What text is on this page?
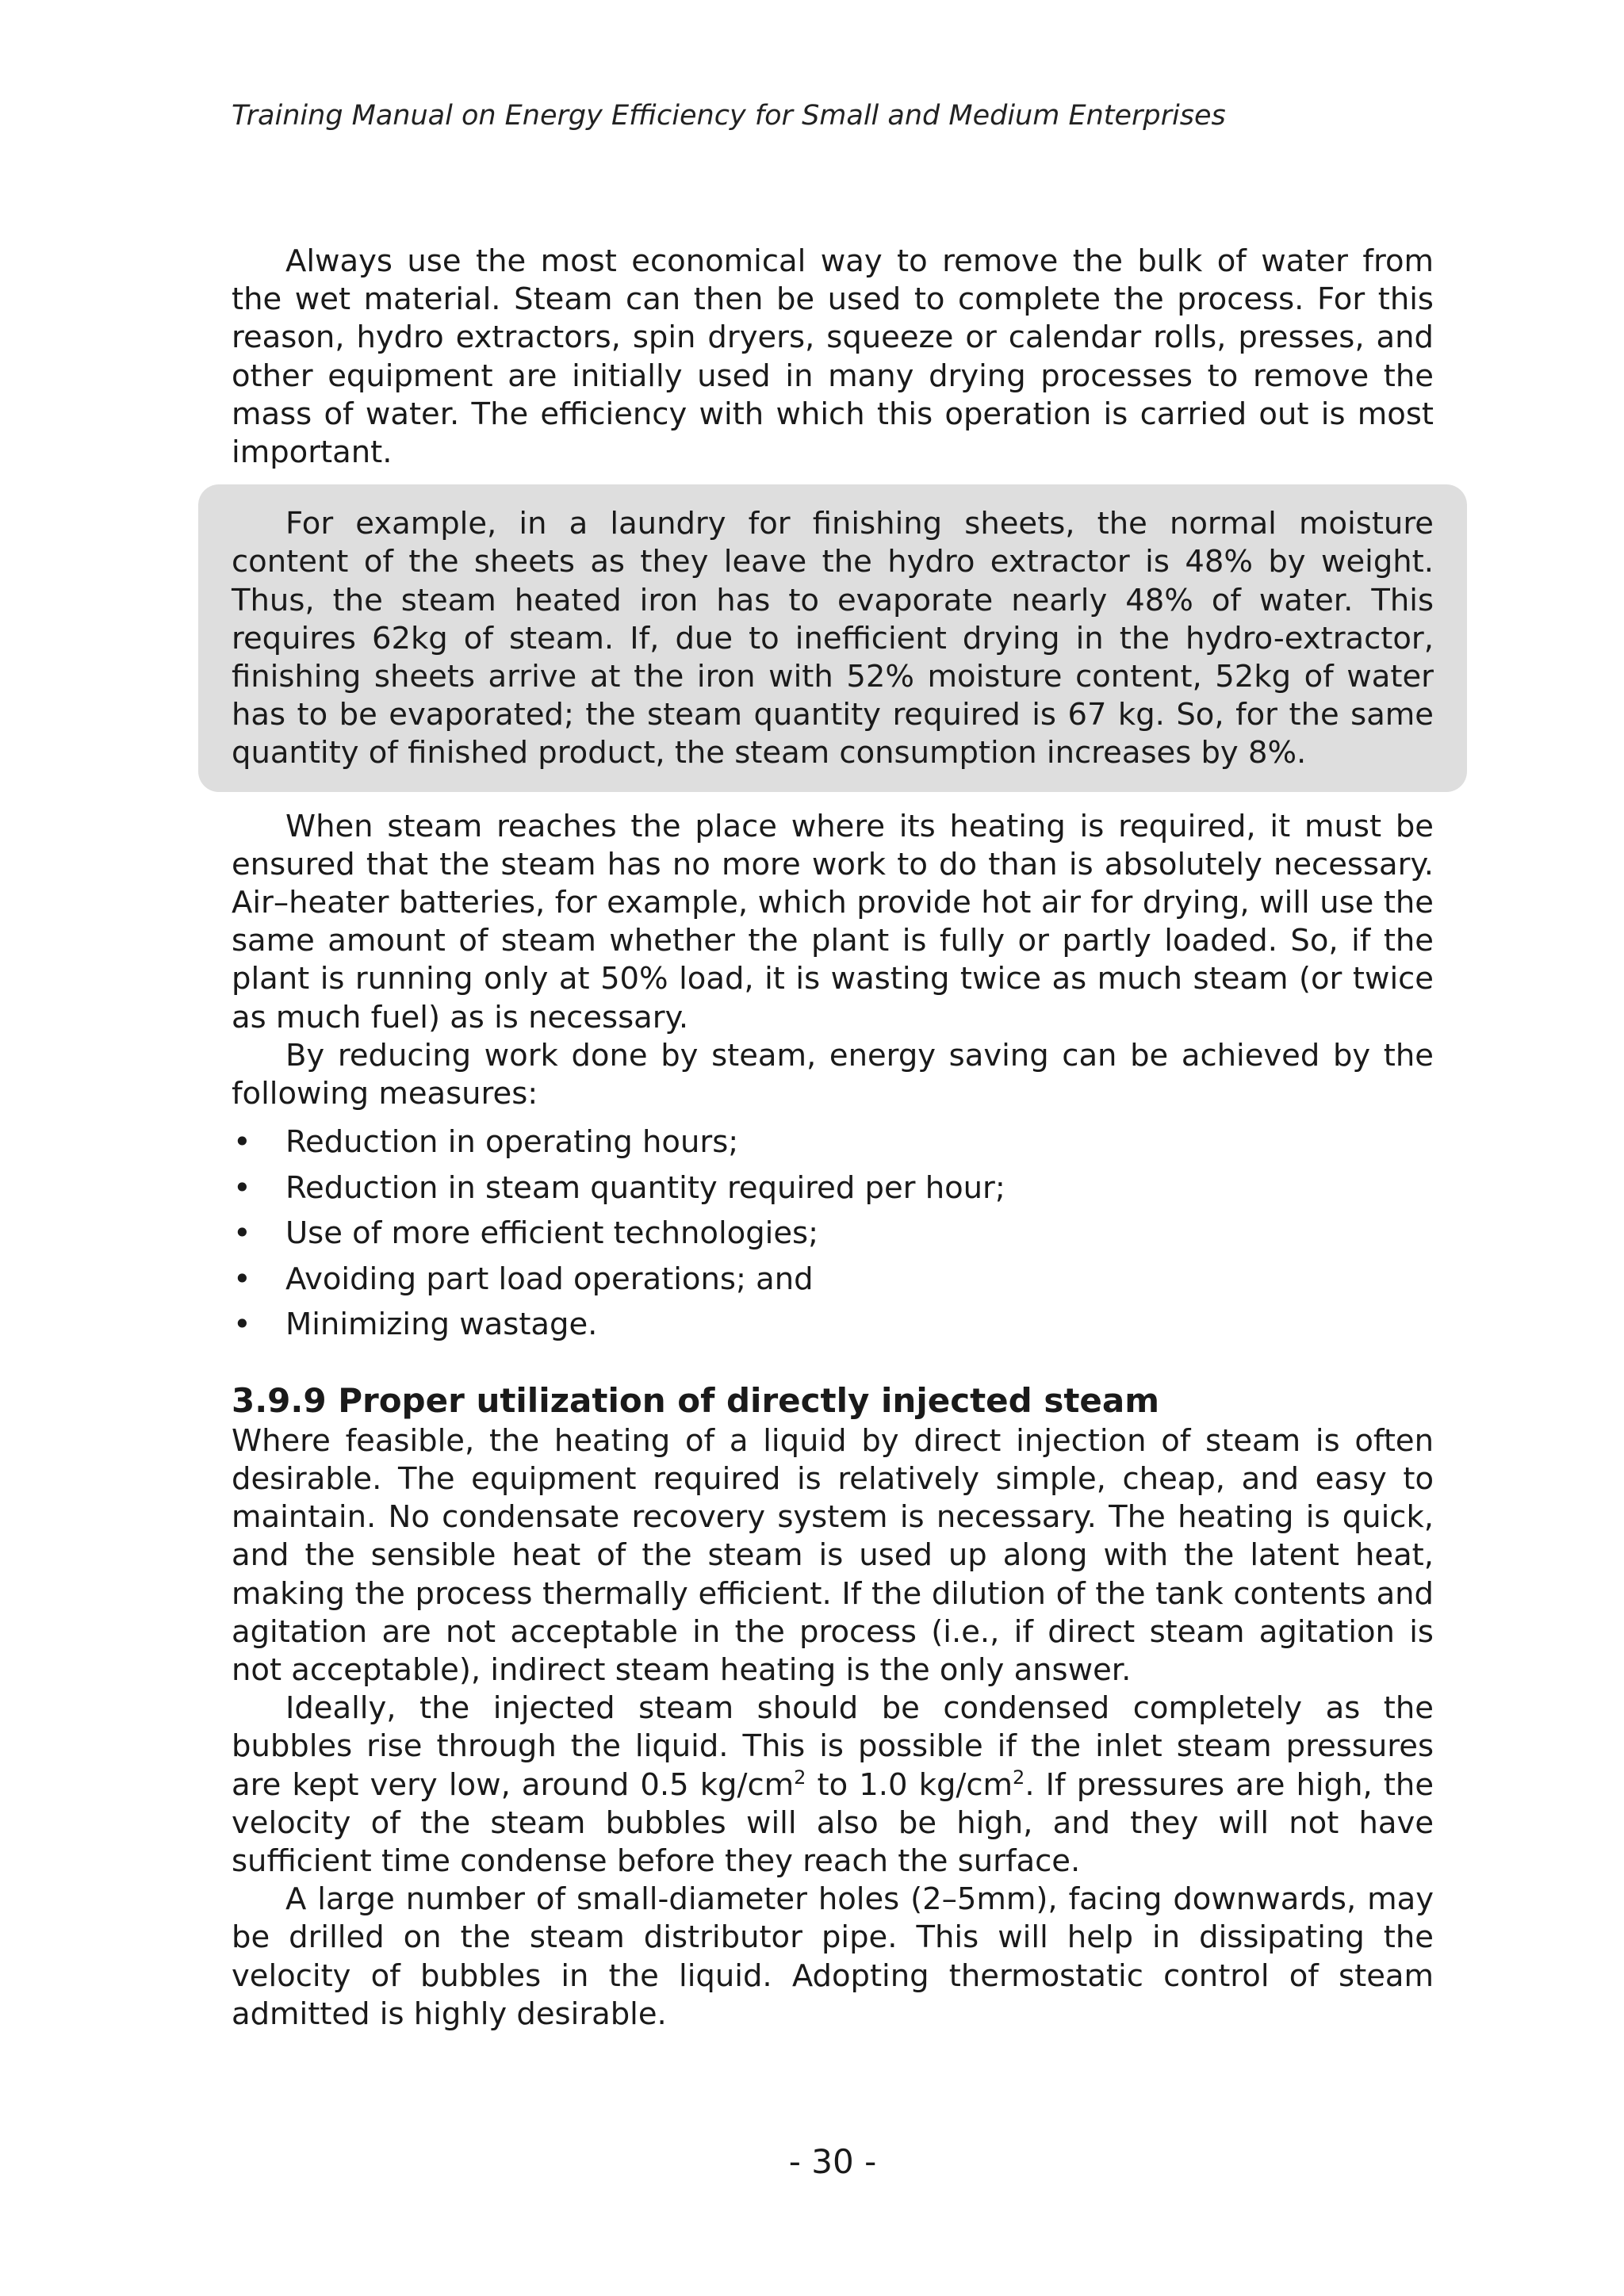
Training Manual on Energy Efficiency for Small and Medium Enterprises

Always use the most economical way to remove the bulk of water from the wet material. Steam can then be used to complete the process. For this reason, hydro extractors, spin dryers, squeeze or calendar rolls, presses, and other equipment are initially used in many drying processes to remove the mass of water. The efficiency with which this operation is carried out is most important.

For example, in a laundry for finishing sheets, the normal moisture content of the sheets as they leave the hydro extractor is 48% by weight. Thus, the steam heated iron has to evaporate nearly 48% of water. This requires 62kg of steam. If, due to inefficient drying in the hydro-extractor, finishing sheets arrive at the iron with 52% moisture content, 52kg of water has to be evaporated; the steam quantity required is 67 kg. So, for the same quantity of finished product, the steam consumption increases by 8%.

When steam reaches the place where its heating is required, it must be ensured that the steam has no more work to do than is absolutely necessary. Air–heater batteries, for example, which provide hot air for drying, will use the same amount of steam whether the plant is fully or partly loaded. So, if the plant is running only at 50% load, it is wasting twice as much steam (or twice as much fuel) as is necessary.

By reducing work done by steam, energy saving can be achieved by the following measures:

• Reduction in operating hours;
• Reduction in steam quantity required per hour;
• Use of more efficient technologies;
• Avoiding part load operations; and
• Minimizing wastage.
3.9.9 Proper utilization of directly injected steam

Where feasible, the heating of a liquid by direct injection of steam is often desirable. The equipment required is relatively simple, cheap, and easy to maintain. No condensate recovery system is necessary. The heating is quick, and the sensible heat of the steam is used up along with the latent heat, making the process thermally efficient. If the dilution of the tank contents and agitation are not acceptable in the process (i.e., if direct steam agitation is not acceptable), indirect steam heating is the only answer.

Ideally, the injected steam should be condensed completely as the bubbles rise through the liquid. This is possible if the inlet steam pressures are kept very low, around 0.5 $kg/cm^2$ to 1.0 $kg/cm^2$. If pressures are high, the velocity of the steam bubbles will also be high, and they will not have sufficient time condense before they reach the surface.

A large number of small-diameter holes (2–5mm), facing downwards, may be drilled on the steam distributor pipe. This will help in dissipating the velocity of bubbles in the liquid. Adopting thermostatic control of steam admitted is highly desirable.

- 30 -
